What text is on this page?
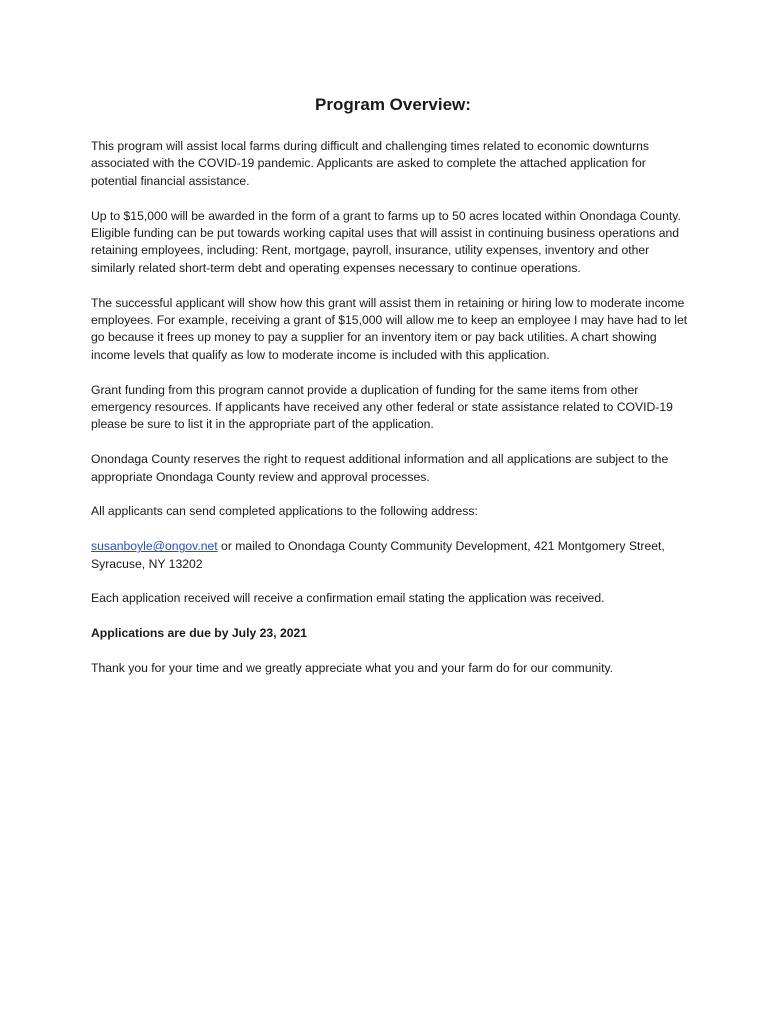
Program Overview:

This program will assist local farms during difficult and challenging times related to economic downturns associated with the COVID-19 pandemic. Applicants are asked to complete the attached application for potential financial assistance.

Up to $15,000 will be awarded in the form of a grant to farms up to 50 acres located within Onondaga County. Eligible funding can be put towards working capital uses that will assist in continuing business operations and retaining employees, including: Rent, mortgage, payroll, insurance, utility expenses, inventory and other similarly related short-term debt and operating expenses necessary to continue operations.

The successful applicant will show how this grant will assist them in retaining or hiring low to moderate income employees. For example, receiving a grant of $15,000 will allow me to keep an employee I may have had to let go because it frees up money to pay a supplier for an inventory item or pay back utilities. A chart showing income levels that qualify as low to moderate income is included with this application.

Grant funding from this program cannot provide a duplication of funding for the same items from other emergency resources. If applicants have received any other federal or state assistance related to COVID-19 please be sure to list it in the appropriate part of the application.

Onondaga County reserves the right to request additional information and all applications are subject to the appropriate Onondaga County review and approval processes.

All applicants can send completed applications to the following address:

susanboyle@ongov.net or mailed to Onondaga County Community Development, 421 Montgomery Street, Syracuse, NY 13202

Each application received will receive a confirmation email stating the application was received.

Applications are due by July 23, 2021

Thank you for your time and we greatly appreciate what you and your farm do for our community.
